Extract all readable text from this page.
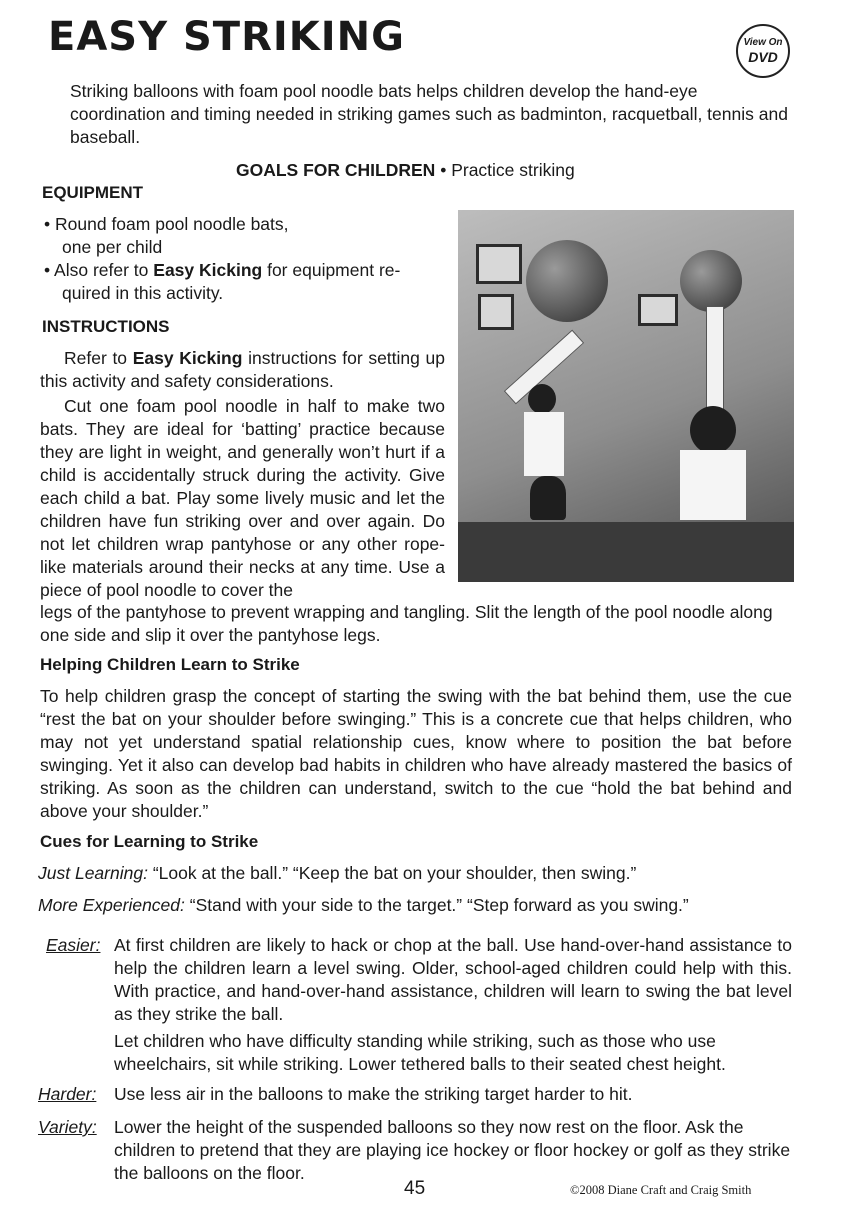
EASY STRIKING	View On
DVD

Striking balloons with foam pool noodle bats helps children develop the hand-eye coordination and timing needed in striking games such as badminton, racquetball, tennis and baseball.

GOALS FOR CHILDREN • Practice striking

EQUIPMENT
• Round foam pool noodle bats,
one per child
• Also refer to Easy Kicking for equipment re-
quired in this activity.
INSTRUCTIONS

Refer to Easy Kicking instructions for setting up this activity and safety considerations.

Cut one foam pool noodle in half to make two bats. They are ideal for ‘batting’ practice because they are light in weight, and generally won’t hurt if a child is accidentally struck during the activity. Give each child a bat. Play some lively music and let the children have fun striking over and over again. Do not let children wrap pantyhose or any other rope-like materials around their necks at any time. Use a piece of pool noodle to cover the

legs of the pantyhose to prevent wrapping and tangling. Slit the length of the pool noodle along one side and slip it over the pantyhose legs.

Helping Children Learn to Strike

To help children grasp the concept of starting the swing with the bat behind them, use the cue “rest the bat on your shoulder before swinging.” This is a concrete cue that helps children, who may not yet understand spatial relationship cues, know where to position the bat before swinging. Yet it also can develop bad habits in children who have already mastered the basics of striking. As soon as the children can understand, switch to the cue “hold the bat behind and above your shoulder.”

Cues for Learning to Strike

Just Learning: “Look at the ball.” “Keep the bat on your shoulder, then swing.”

More Experienced: “Stand with your side to the target.” “Step forward as you swing.”

Easier: At first children are likely to hack or chop at the ball. Use hand-over-hand assistance to help the children learn a level swing. Older, school-aged children could help with this. With practice, and hand-over-hand assistance, children will learn to swing the bat level as they strike the ball.

Let children who have difficulty standing while striking, such as those who use wheelchairs, sit while striking. Lower tethered balls to their seated chest height.

Harder: Use less air in the balloons to make the striking target harder to hit.

Variety: Lower the height of the suspended balloons so they now rest on the floor. Ask the children to pretend that they are playing ice hockey or floor hockey or golf as they strike the balloons on the floor.

45	©2008 Diane Craft and Craig Smith
